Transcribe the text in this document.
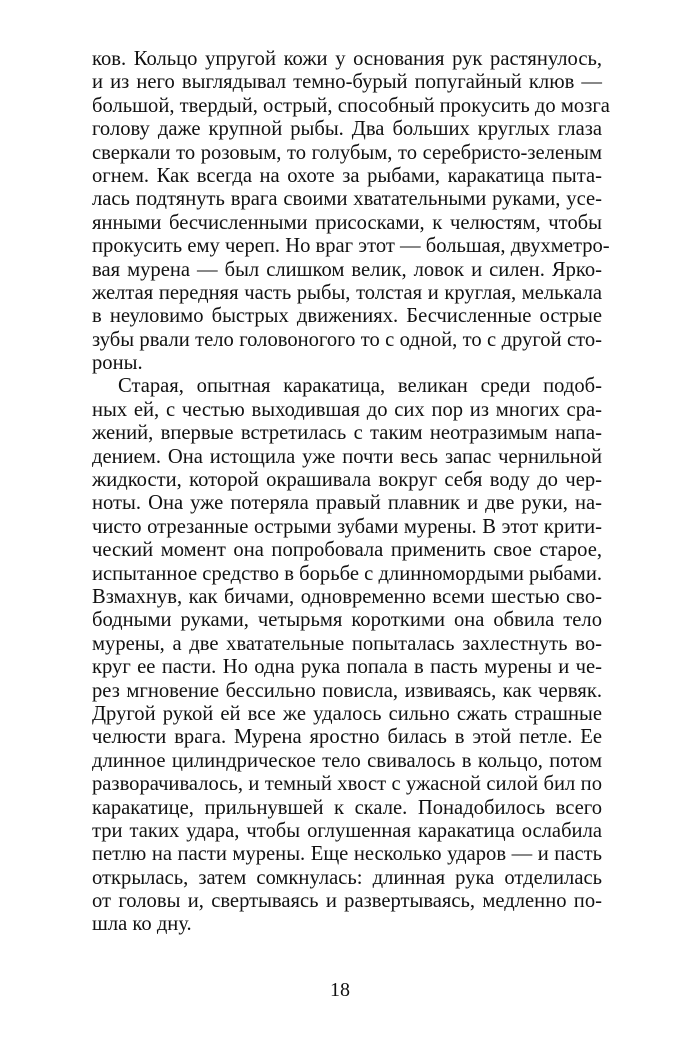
ков. Кольцо упругой кожи у основания рук растянулось,
и из него выглядывал темно-бурый попугайный клюв —
большой, твердый, острый, способный прокусить до мозга
голову даже крупной рыбы. Два больших круглых глаза
сверкали то розовым, то голубым, то серебристо-зеленым
огнем. Как всегда на охоте за рыбами, каракатица пыта-
лась подтянуть врага своими хватательными руками, усе-
янными бесчисленными присосками, к челюстям, чтобы
прокусить ему череп. Но враг этот — большая, двухметро-
вая мурена — был слишком велик, ловок и силен. Ярко-
желтая передняя часть рыбы, толстая и круглая, мелькала
в неуловимо быстрых движениях. Бесчисленные острые
зубы рвали тело головоногого то с одной, то с другой сто-
роны.
Старая, опытная каракатица, великан среди подоб-
ных ей, с честью выходившая до сих пор из многих сра-
жений, впервые встретилась с таким неотразимым напа-
дением. Она истощила уже почти весь запас чернильной
жидкости, которой окрашивала вокруг себя воду до чер-
ноты. Она уже потеряла правый плавник и две руки, на-
чисто отрезанные острыми зубами мурены. В этот крити-
ческий момент она попробовала применить свое старое,
испытанное средство в борьбе с длинномордыми рыбами.
Взмахнув, как бичами, одновременно всеми шестью сво-
бодными руками, четырьмя короткими она обвила тело
мурены, а две хватательные попыталась захлестнуть во-
круг ее пасти. Но одна рука попала в пасть мурены и че-
рез мгновение бессильно повисла, извиваясь, как червяк.
Другой рукой ей все же удалось сильно сжать страшные
челюсти врага. Мурена яростно билась в этой петле. Ее
длинное цилиндрическое тело свивалось в кольцо, потом
разворачивалось, и темный хвост с ужасной силой бил по
каракатице, прильнувшей к скале. Понадобилось всего
три таких удара, чтобы оглушенная каракатица ослабила
петлю на пасти мурены. Еще несколько ударов — и пасть
открылась, затем сомкнулась: длинная рука отделилась
от головы и, свертываясь и развертываясь, медленно по-
шла ко дну.
18
